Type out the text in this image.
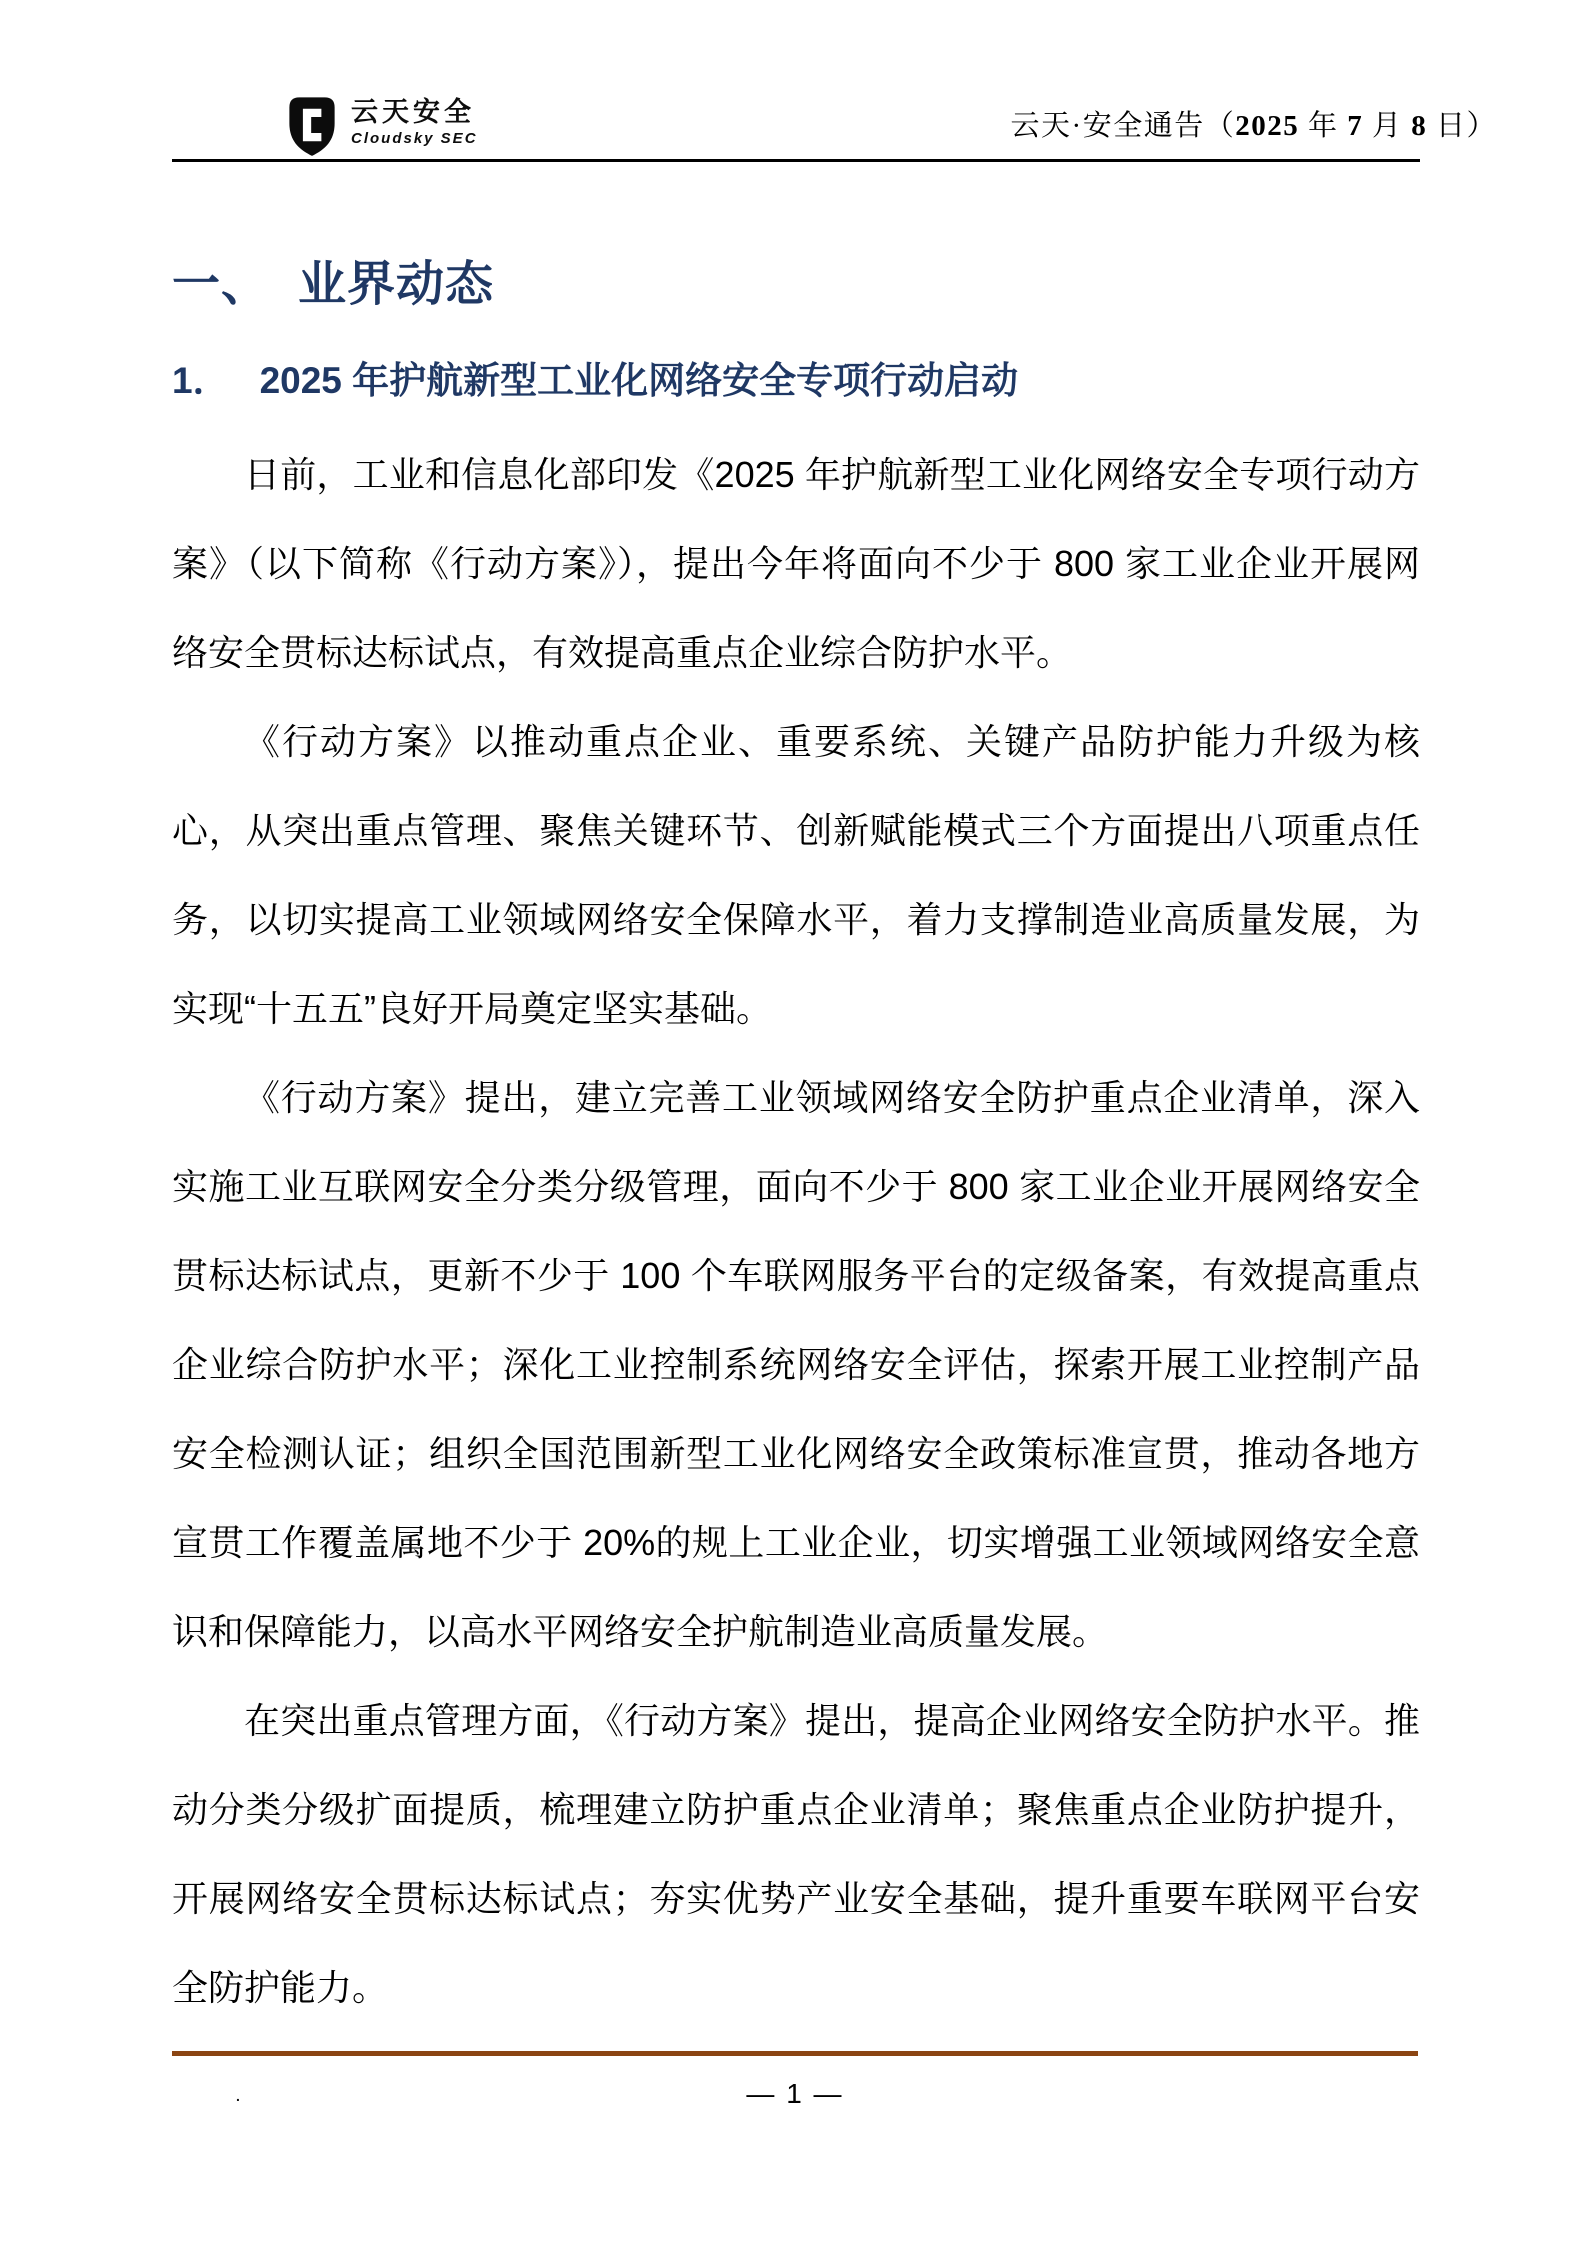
云天安全
Cloudsky SEC	云天·安全通告（2025 年 7 月 8 日）
一、 业界动态
1． 2025 年护航新型工业化网络安全专项行动启动

日前，工业和信息化部印发《2025 年护航新型工业化网络安全专项行动方案》（以下简称《行动方案》），提出今年将面向不少于 800 家工业企业开展网络安全贯标达标试点，有效提高重点企业综合防护水平。

《行动方案》以推动重点企业、重要系统、关键产品防护能力升级为核心，从突出重点管理、聚焦关键环节、创新赋能模式三个方面提出八项重点任务，以切实提高工业领域网络安全保障水平，着力支撑制造业高质量发展，为实现“十五五”良好开局奠定坚实基础。

《行动方案》提出，建立完善工业领域网络安全防护重点企业清单，深入实施工业互联网安全分类分级管理，面向不少于 800 家工业企业开展网络安全贯标达标试点，更新不少于 100 个车联网服务平台的定级备案，有效提高重点企业综合防护水平；深化工业控制系统网络安全评估，探索开展工业控制产品安全检测认证；组织全国范围新型工业化网络安全政策标准宣贯，推动各地方宣贯工作覆盖属地不少于 20%的规上工业企业，切实增强工业领域网络安全意识和保障能力，以高水平网络安全护航制造业高质量发展。

在突出重点管理方面，《行动方案》提出，提高企业网络安全防护水平。推动分类分级扩面提质，梳理建立防护重点企业清单；聚焦重点企业防护提升，开展网络安全贯标达标试点；夯实优势产业安全基础，提升重要车联网平台安全防护能力。

.	— 1 —
